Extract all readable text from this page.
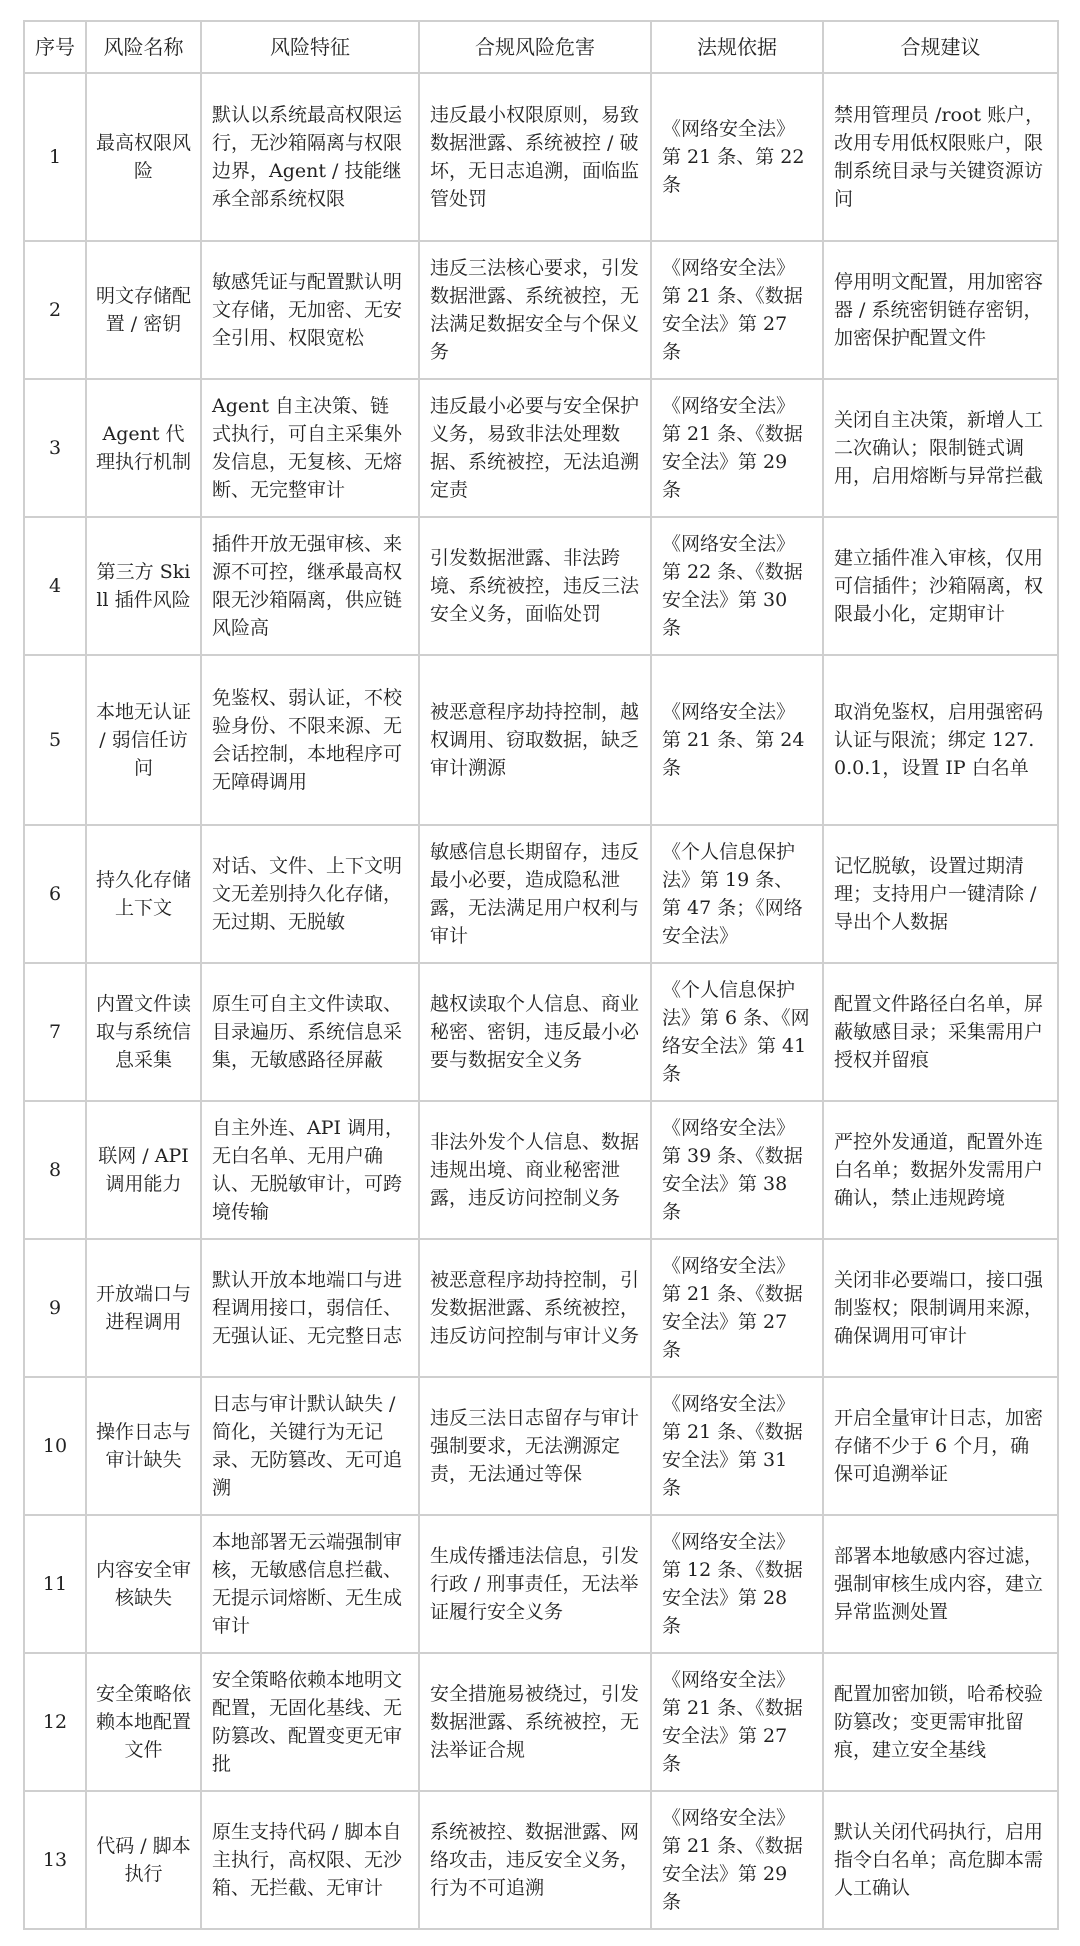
序号	风险名称	风险特征	合规风险危害	法规依据	合规建议
1	最高权限风险	默认以系统最高权限运行，无沙箱隔离与权限边界，Agent / 技能继承全部系统权限	违反最小权限原则，易致数据泄露、系统被控 / 破坏，无日志追溯，面临监管处罚	《网络安全法》第 21 条、第 22 条	禁用管理员 /root 账户，改用专用低权限账户，限制系统目录与关键资源访问
2	明文存储配置 / 密钥	敏感凭证与配置默认明文存储，无加密、无安全引用、权限宽松	违反三法核心要求，引发数据泄露、系统被控，无法满足数据安全与个保义务	《网络安全法》第 21 条、《数据安全法》第 27 条	停用明文配置，用加密容器 / 系统密钥链存密钥，加密保护配置文件
3	Agent 代理执行机制	Agent 自主决策、链式执行，可自主采集外发信息，无复核、无熔断、无完整审计	违反最小必要与安全保护义务，易致非法处理数据、系统被控，无法追溯定责	《网络安全法》第 21 条、《数据安全法》第 29 条	关闭自主决策，新增人工二次确认；限制链式调用，启用熔断与异常拦截
4	第三方 Skill 插件风险	插件开放无强审核、来源不可控，继承最高权限无沙箱隔离，供应链风险高	引发数据泄露、非法跨境、系统被控，违反三法安全义务，面临处罚	《网络安全法》第 22 条、《数据安全法》第 30 条	建立插件准入审核，仅用可信插件；沙箱隔离，权限最小化，定期审计
5	本地无认证 / 弱信任访问	免鉴权、弱认证，不校验身份、不限来源、无会话控制，本地程序可无障碍调用	被恶意程序劫持控制，越权调用、窃取数据，缺乏审计溯源	《网络安全法》第 21 条、第 24 条	取消免鉴权，启用强密码认证与限流；绑定 127.0.0.1，设置 IP 白名单
6	持久化存储上下文	对话、文件、上下文明文无差别持久化存储，无过期、无脱敏	敏感信息长期留存，违反最小必要，造成隐私泄露，无法满足用户权利与审计	《个人信息保护法》第 19 条、第 47 条；《网络安全法》	记忆脱敏，设置过期清理；支持用户一键清除 / 导出个人数据
7	内置文件读取与系统信息采集	原生可自主文件读取、目录遍历、系统信息采集，无敏感路径屏蔽	越权读取个人信息、商业秘密、密钥，违反最小必要与数据安全义务	《个人信息保护法》第 6 条、《网络安全法》第 41 条	配置文件路径白名单，屏蔽敏感目录；采集需用户授权并留痕
8	联网 / API 调用能力	自主外连、API 调用，无白名单、无用户确认、无脱敏审计，可跨境传输	非法外发个人信息、数据违规出境、商业秘密泄露，违反访问控制义务	《网络安全法》第 39 条、《数据安全法》第 38 条	严控外发通道，配置外连白名单；数据外发需用户确认，禁止违规跨境
9	开放端口与进程调用	默认开放本地端口与进程调用接口，弱信任、无强认证、无完整日志	被恶意程序劫持控制，引发数据泄露、系统被控，违反访问控制与审计义务	《网络安全法》第 21 条、《数据安全法》第 27 条	关闭非必要端口，接口强制鉴权；限制调用来源，确保调用可审计
10	操作日志与审计缺失	日志与审计默认缺失 / 简化，关键行为无记录、无防篡改、无可追溯	违反三法日志留存与审计强制要求，无法溯源定责，无法通过等保	《网络安全法》第 21 条、《数据安全法》第 31 条	开启全量审计日志，加密存储不少于 6 个月，确保可追溯举证
11	内容安全审核缺失	本地部署无云端强制审核，无敏感信息拦截、无提示词熔断、无生成审计	生成传播违法信息，引发行政 / 刑事责任，无法举证履行安全义务	《网络安全法》第 12 条、《数据安全法》第 28 条	部署本地敏感内容过滤，强制审核生成内容，建立异常监测处置
12	安全策略依赖本地配置文件	安全策略依赖本地明文配置，无固化基线、无防篡改、配置变更无审批	安全措施易被绕过，引发数据泄露、系统被控，无法举证合规	《网络安全法》第 21 条、《数据安全法》第 27 条	配置加密加锁，哈希校验防篡改；变更需审批留痕，建立安全基线
13	代码 / 脚本执行	原生支持代码 / 脚本自主执行，高权限、无沙箱、无拦截、无审计	系统被控、数据泄露、网络攻击，违反安全义务，行为不可追溯	《网络安全法》第 21 条、《数据安全法》第 29 条	默认关闭代码执行，启用指令白名单；高危脚本需人工确认
